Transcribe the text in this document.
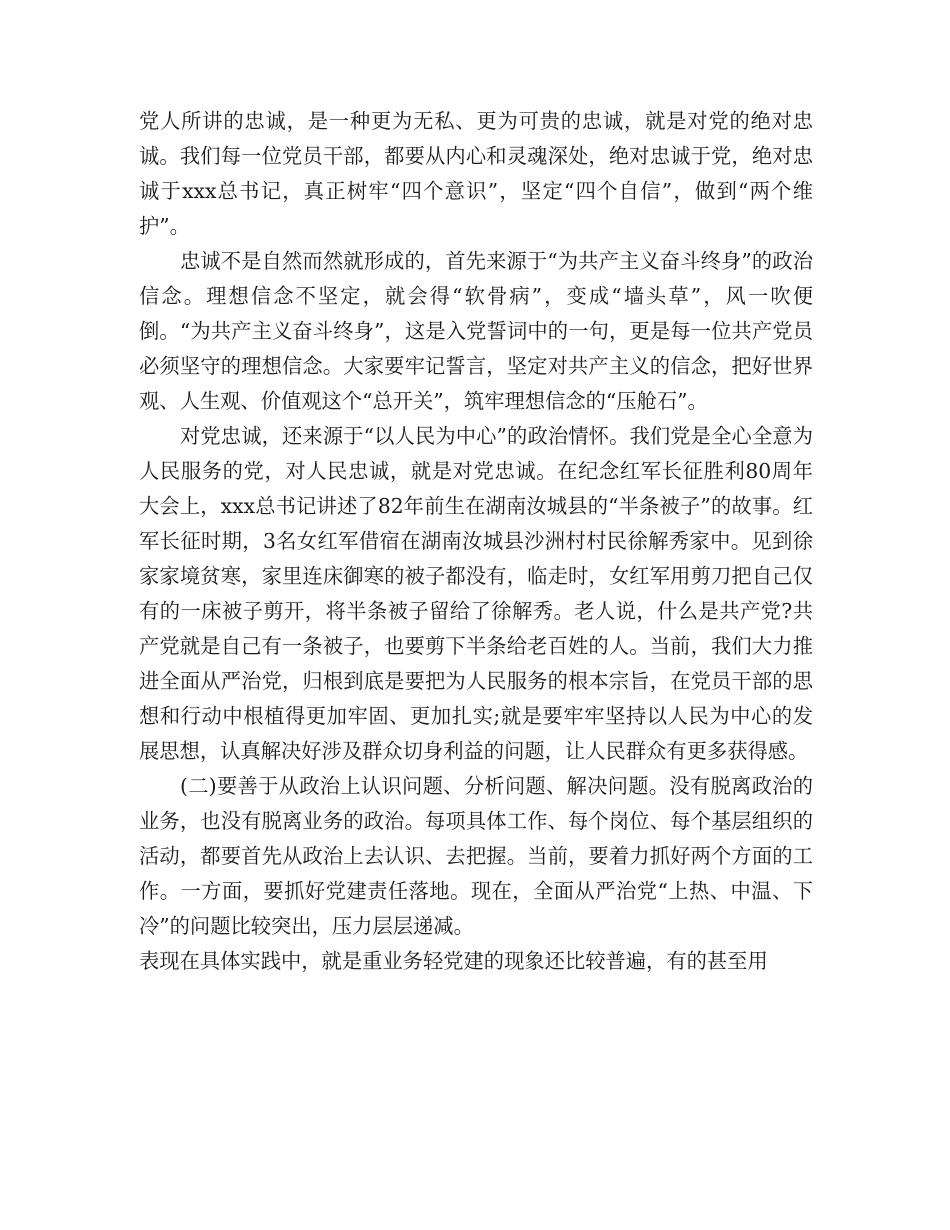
党人所讲的忠诚，是一种更为无私、更为可贵的忠诚，就是对党的绝对忠诚。我们每一位党员干部，都要从内心和灵魂深处，绝对忠诚于党，绝对忠诚于xxx总书记，真正树牢“四个意识”，坚定“四个自信”，做到“两个维护”。

忠诚不是自然而然就形成的，首先来源于“为共产主义奋斗终身”的政治信念。理想信念不坚定，就会得“软骨病”，变成“墙头草”，风一吹便倒。“为共产主义奋斗终身”，这是入党誓词中的一句，更是每一位共产党员必须坚守的理想信念。大家要牢记誓言，坚定对共产主义的信念，把好世界观、人生观、价值观这个“总开关”，筑牢理想信念的“压舱石”。

对党忠诚，还来源于“以人民为中心”的政治情怀。我们党是全心全意为人民服务的党，对人民忠诚，就是对党忠诚。在纪念红军长征胜利80周年大会上，xxx总书记讲述了82年前生在湖南汝城县的“半条被子”的故事。红军长征时期，3名女红军借宿在湖南汝城县沙洲村村民徐解秀家中。见到徐家家境贫寒，家里连床御寒的被子都没有，临走时，女红军用剪刀把自己仅有的一床被子剪开，将半条被子留给了徐解秀。老人说，什么是共产党?共产党就是自己有一条被子，也要剪下半条给老百姓的人。当前，我们大力推进全面从严治党，归根到底是要把为人民服务的根本宗旨，在党员干部的思想和行动中根植得更加牢固、更加扎实;就是要牢牢坚持以人民为中心的发展思想，认真解决好涉及群众切身利益的问题，让人民群众有更多获得感。

(二)要善于从政治上认识问题、分析问题、解决问题。没有脱离政治的业务，也没有脱离业务的政治。每项具体工作、每个岗位、每个基层组织的活动，都要首先从政治上去认识、去把握。当前，要着力抓好两个方面的工作。一方面，要抓好党建责任落地。现在，全面从严治党“上热、中温、下冷”的问题比较突出，压力层层递减。

表现在具体实践中，就是重业务轻党建的现象还比较普遍，有的甚至用
